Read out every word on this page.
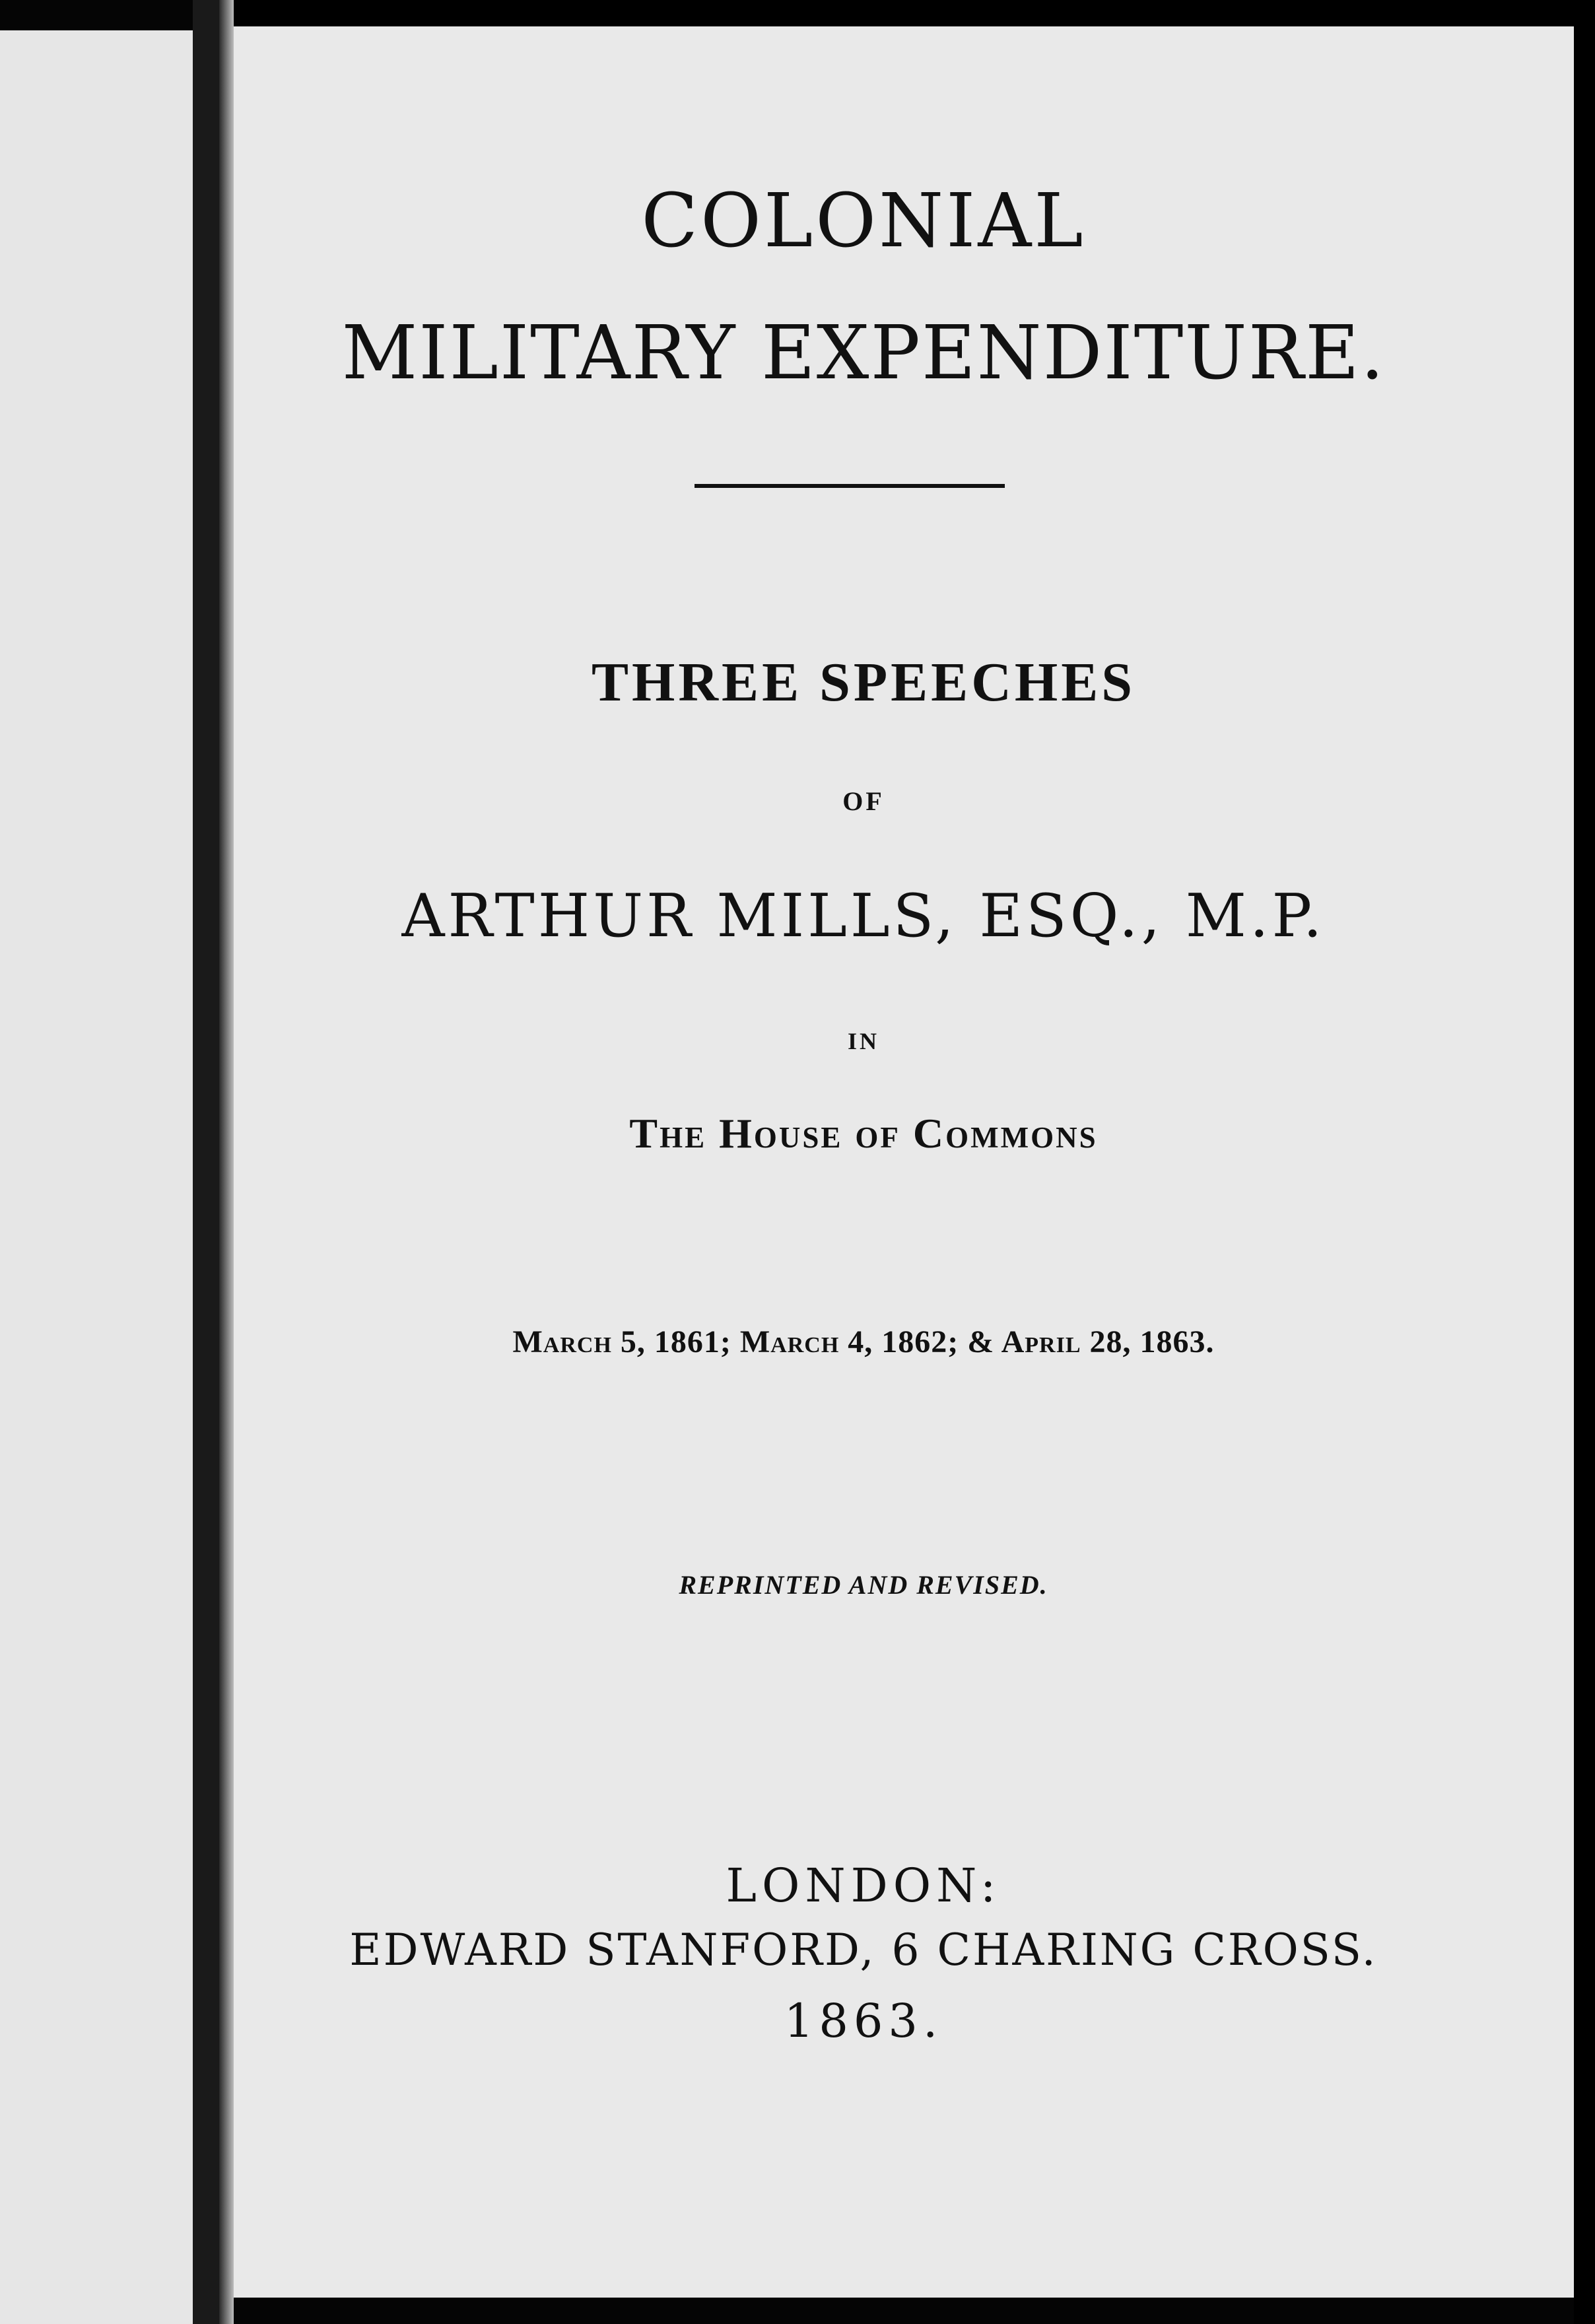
COLONIAL
MILITARY EXPENDITURE.
THREE SPEECHES
OF
ARTHUR MILLS, ESQ., M.P.
IN
The House of Commons
March 5, 1861; March 4, 1862; & April 28, 1863.
REPRINTED AND REVISED.
LONDON:
EDWARD STANFORD, 6 CHARING CROSS.
1863.
